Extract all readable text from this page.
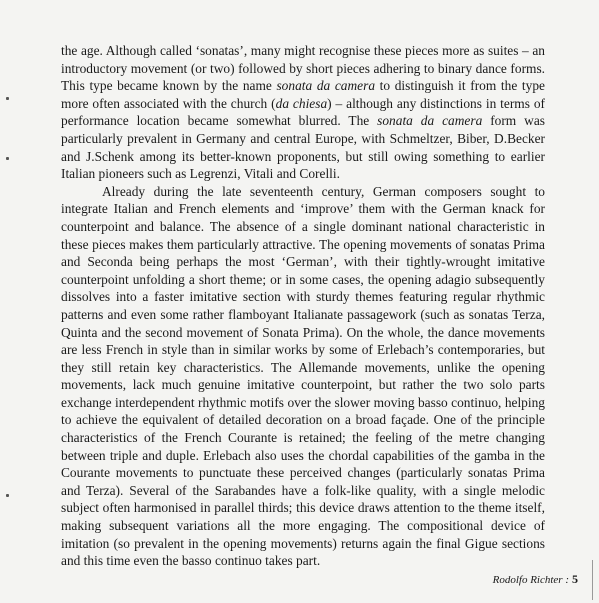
the age. Although called ‘sonatas’, many might recognise these pieces more as suites – an introductory movement (or two) followed by short pieces adhering to binary dance forms. This type became known by the name sonata da camera to distinguish it from the type more often associated with the church (da chiesa) – although any distinctions in terms of performance location became somewhat blurred. The sonata da camera form was particularly prevalent in Germany and central Europe, with Schmeltzer, Biber, D.Becker and J.Schenk among its better-known proponents, but still owing something to earlier Italian pioneers such as Legrenzi, Vitali and Corelli.

Already during the late seventeenth century, German composers sought to integrate Italian and French elements and ‘improve’ them with the German knack for counterpoint and balance. The absence of a single dominant national characteristic in these pieces makes them particularly attractive. The opening movements of sonatas Prima and Seconda being perhaps the most ‘German’, with their tightly-wrought imitative counterpoint unfolding a short theme; or in some cases, the opening adagio subsequently dissolves into a faster imitative section with sturdy themes featuring regular rhythmic patterns and even some rather flamboyant Italianate passagework (such as sonatas Terza, Quinta and the second movement of Sonata Prima). On the whole, the dance movements are less French in style than in similar works by some of Erlebach’s contemporaries, but they still retain key characteristics. The Allemande movements, unlike the opening movements, lack much genuine imitative counterpoint, but rather the two solo parts exchange interdependent rhythmic motifs over the slower moving basso continuo, helping to achieve the equivalent of detailed decoration on a broad façade. One of the principle characteristics of the French Courante is retained; the feeling of the metre changing between triple and duple. Erlebach also uses the chordal capabilities of the gamba in the Courante movements to punctuate these perceived changes (particularly sonatas Prima and Terza). Several of the Sarabandes have a folk-like quality, with a single melodic subject often harmonised in parallel thirds; this device draws attention to the theme itself, making subsequent variations all the more engaging. The compositional device of imitation (so prevalent in the opening movements) returns again the final Gigue sections and this time even the basso continuo takes part.

Rodolfo Richter : 5
